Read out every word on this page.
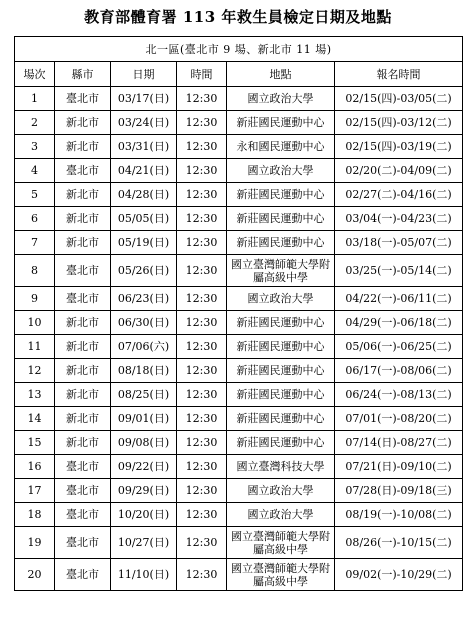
教育部體育署 113 年救生員檢定日期及地點
北一區(臺北市 9 場、新北市 11 場)					
場次	縣市	日期	時間	地點	報名時間
1	臺北市	03/17(日)	12:30	國立政治大學	02/15(四)-03/05(二)
2	新北市	03/24(日)	12:30	新莊國民運動中心	02/15(四)-03/12(二)
3	新北市	03/31(日)	12:30	永和國民運動中心	02/15(四)-03/19(二)
4	臺北市	04/21(日)	12:30	國立政治大學	02/20(二)-04/09(二)
5	新北市	04/28(日)	12:30	新莊國民運動中心	02/27(二)-04/16(二)
6	新北市	05/05(日)	12:30	新莊國民運動中心	03/04(一)-04/23(二)
7	新北市	05/19(日)	12:30	新莊國民運動中心	03/18(一)-05/07(二)
8	臺北市	05/26(日)	12:30	國立臺灣師範大學附屬高級中學	03/25(一)-05/14(二)
9	臺北市	06/23(日)	12:30	國立政治大學	04/22(一)-06/11(二)
10	新北市	06/30(日)	12:30	新莊國民運動中心	04/29(一)-06/18(二)
11	新北市	07/06(六)	12:30	新莊國民運動中心	05/06(一)-06/25(二)
12	新北市	08/18(日)	12:30	新莊國民運動中心	06/17(一)-08/06(二)
13	新北市	08/25(日)	12:30	新莊國民運動中心	06/24(一)-08/13(二)
14	新北市	09/01(日)	12:30	新莊國民運動中心	07/01(一)-08/20(二)
15	新北市	09/08(日)	12:30	新莊國民運動中心	07/14(日)-08/27(二)
16	臺北市	09/22(日)	12:30	國立臺灣科技大學	07/21(日)-09/10(二)
17	臺北市	09/29(日)	12:30	國立政治大學	07/28(日)-09/18(三)
18	臺北市	10/20(日)	12:30	國立政治大學	08/19(一)-10/08(二)
19	臺北市	10/27(日)	12:30	國立臺灣師範大學附屬高級中學	08/26(一)-10/15(二)
20	臺北市	11/10(日)	12:30	國立臺灣師範大學附屬高級中學	09/02(一)-10/29(二)
